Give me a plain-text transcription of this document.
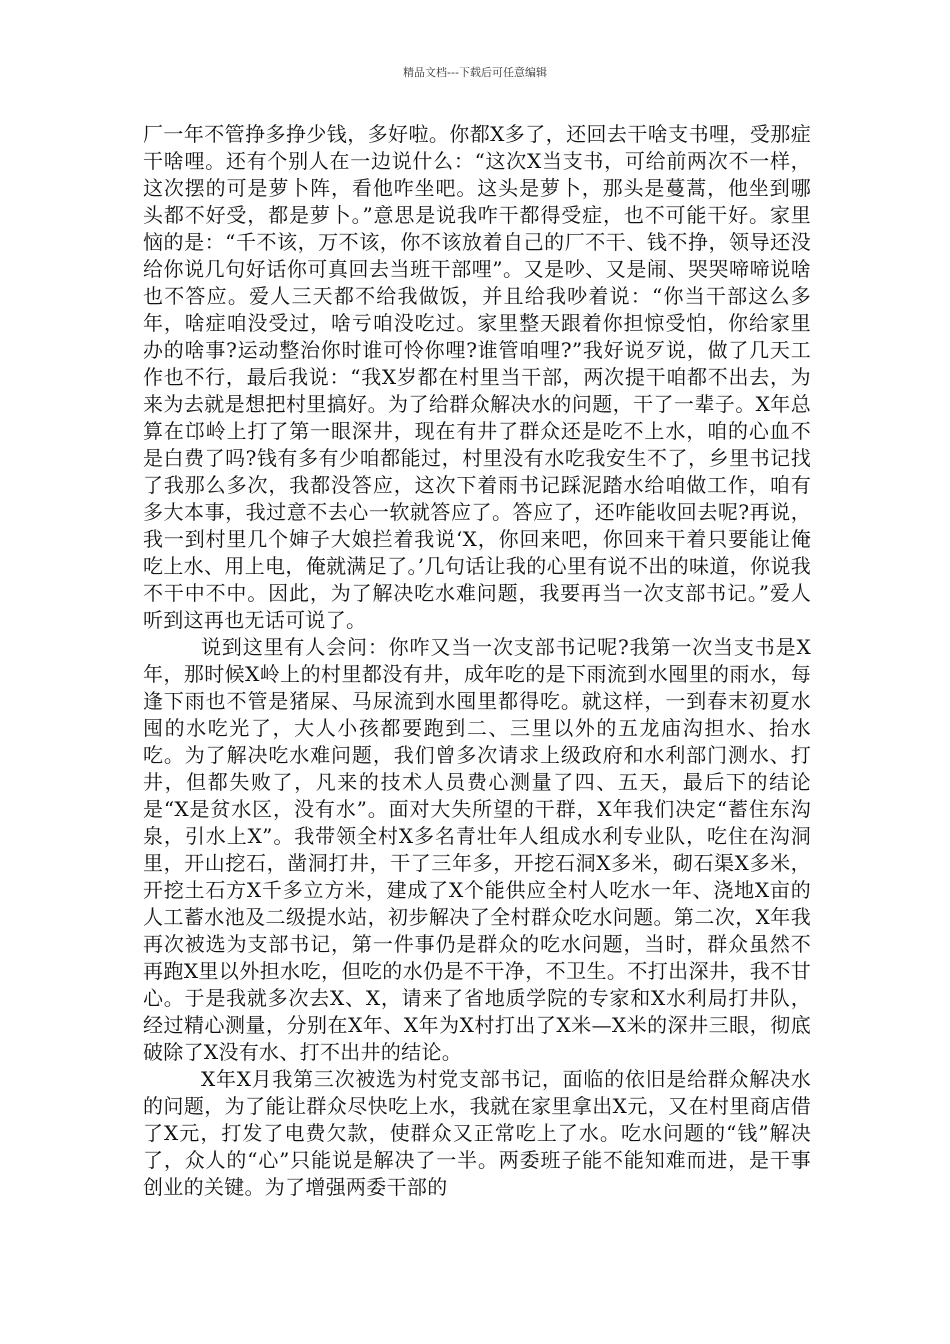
精品文档---下载后可任意编辑

厂一年不管挣多挣少钱，多好啦。你都X多了，还回去干啥支书哩，受那症干啥哩。还有个别人在一边说什么：“这次X当支书，可给前两次不一样，这次摆的可是萝卜阵，看他咋坐吧。这头是萝卜，那头是蔓蒿，他坐到哪头都不好受，都是萝卜。”意思是说我咋干都得受症，也不可能干好。家里恼的是：“千不该，万不该，你不该放着自己的厂不干、钱不挣，领导还没给你说几句好话你可真回去当班干部哩”。又是吵、又是闹、哭哭啼啼说啥也不答应。爱人三天都不给我做饭，并且给我吵着说：“你当干部这么多年，啥症咱没受过，啥亏咱没吃过。家里整天跟着你担惊受怕，你给家里办的啥事?运动整治你时谁可怜你哩?谁管咱哩?”我好说歹说，做了几天工作也不行，最后我说：“我X岁都在村里当干部，两次提干咱都不出去，为来为去就是想把村里搞好。为了给群众解决水的问题，干了一辈子。X年总算在邙岭上打了第一眼深井，现在有井了群众还是吃不上水，咱的心血不是白费了吗?钱有多有少咱都能过，村里没有水吃我安生不了，乡里书记找了我那么多次，我都没答应，这次下着雨书记踩泥踏水给咱做工作，咱有多大本事，我过意不去心一软就答应了。答应了，还咋能收回去呢?再说，我一到村里几个婶子大娘拦着我说‘X，你回来吧，你回来干着只要能让俺吃上水、用上电，俺就满足了。’几句话让我的心里有说不出的味道，你说我不干中不中。因此，为了解决吃水难问题，我要再当一次支部书记。”爱人听到这再也无话可说了。

说到这里有人会问：你咋又当一次支部书记呢?我第一次当支书是X年，那时候X岭上的村里都没有井，成年吃的是下雨流到水囤里的雨水，每逢下雨也不管是猪屎、马尿流到水囤里都得吃。就这样，一到春末初夏水囤的水吃光了，大人小孩都要跑到二、三里以外的五龙庙沟担水、抬水吃。为了解决吃水难问题，我们曾多次请求上级政府和水利部门测水、打井，但都失败了，凡来的技术人员费心测量了四、五天，最后下的结论是“X是贫水区，没有水”。面对大失所望的干群，X年我们决定“蓄住东沟泉，引水上X”。我带领全村X多名青壮年人组成水利专业队，吃住在沟洞里，开山挖石，凿洞打井，干了三年多，开挖石洞X多米，砌石渠X多米，开挖土石方X千多立方米，建成了X个能供应全村人吃水一年、浇地X亩的人工蓄水池及二级提水站，初步解决了全村群众吃水问题。第二次，X年我再次被选为支部书记，第一件事仍是群众的吃水问题，当时，群众虽然不再跑X里以外担水吃，但吃的水仍是不干净，不卫生。不打出深井，我不甘心。于是我就多次去X、X，请来了省地质学院的专家和X水利局打井队，经过精心测量，分别在X年、X年为X村打出了X米—X米的深井三眼，彻底破除了X没有水、打不出井的结论。

X年X月我第三次被选为村党支部书记，面临的依旧是给群众解决水的问题，为了能让群众尽快吃上水，我就在家里拿出X元，又在村里商店借了X元，打发了电费欠款，使群众又正常吃上了水。吃水问题的“钱”解决了，众人的“心”只能说是解决了一半。两委班子能不能知难而进，是干事创业的关键。为了增强两委干部的
